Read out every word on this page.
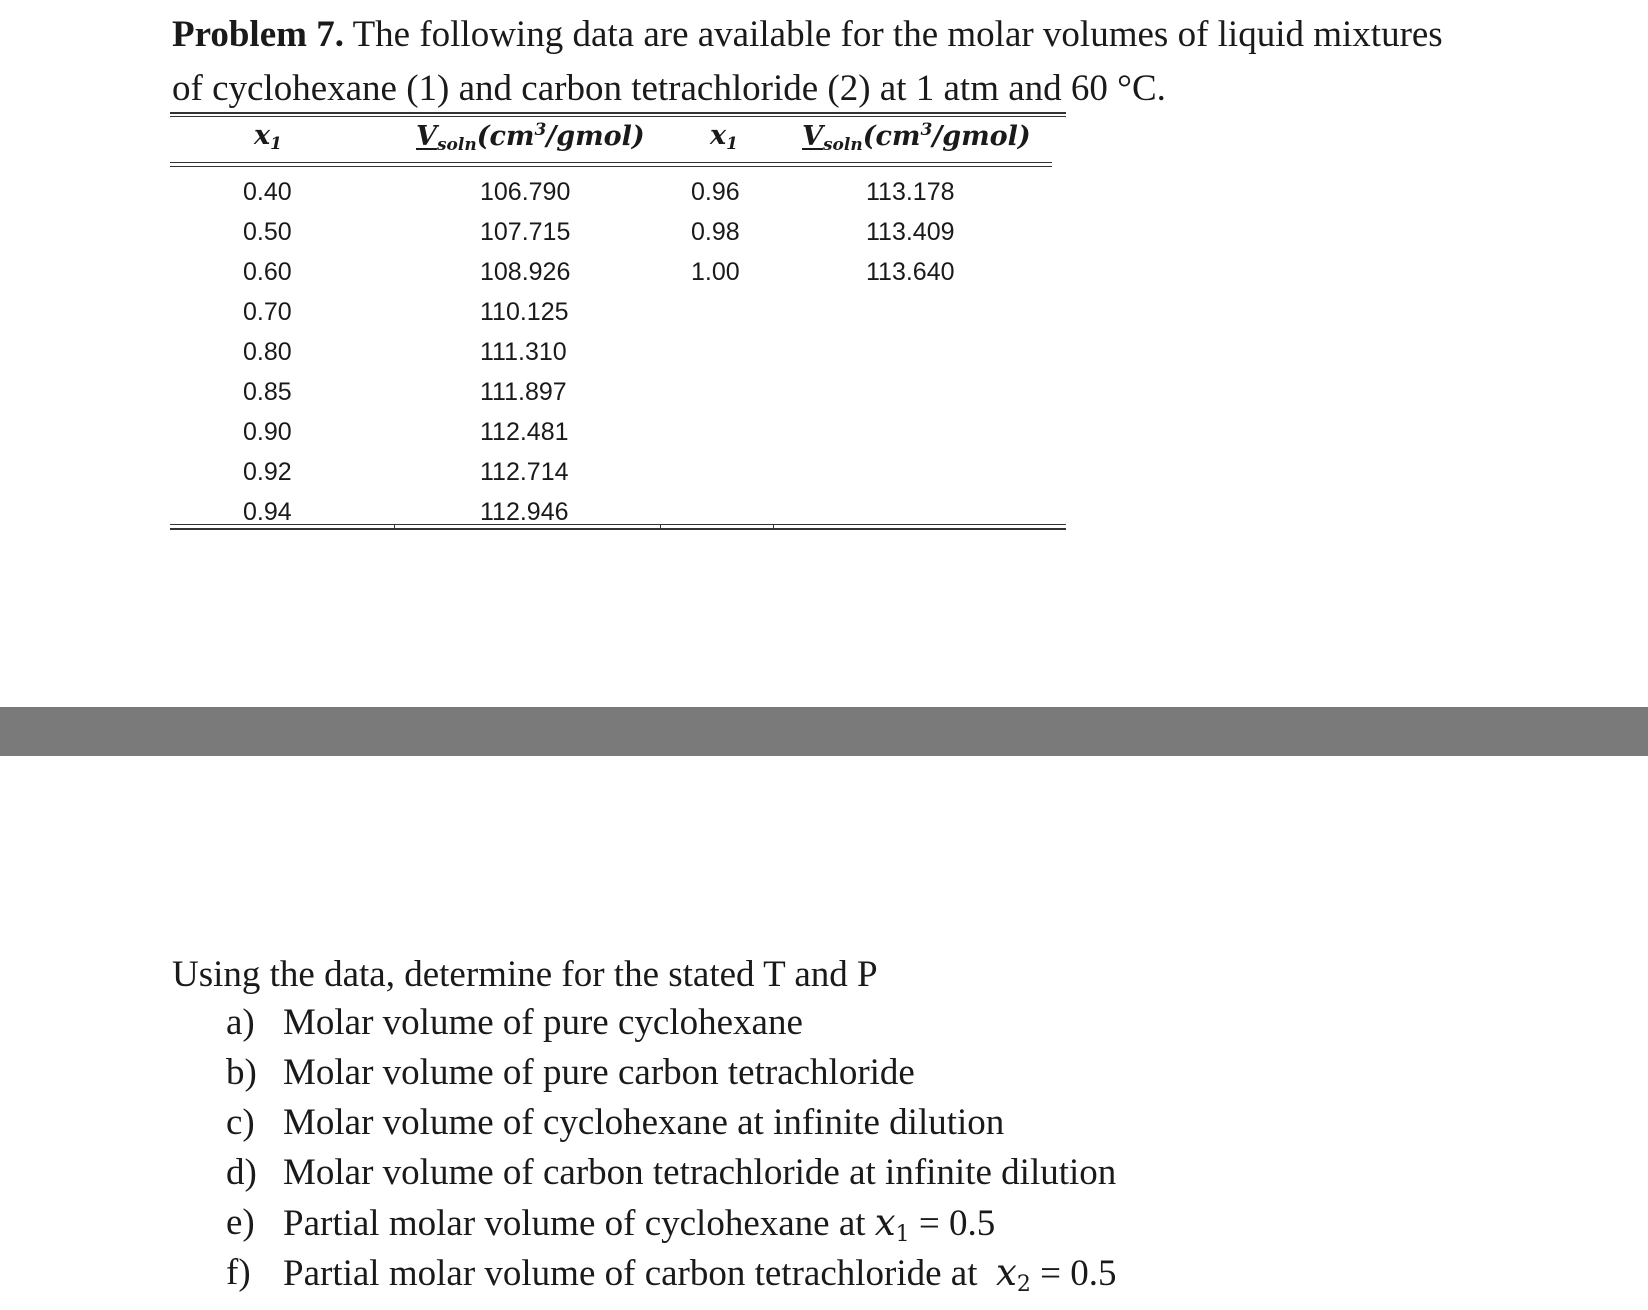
Problem 7. The following data are available for the molar volumes of liquid mixtures
of cyclohexane (1) and carbon tetrachloride (2) at 1 atm and 60 °C.
$x_1$	$V_{soln}(cm^3/gmol)$ $x_1$ $V_{soln}(cm^3/gmol)$
0.40	106.790	0.96	113.178
0.50	107.715	0.98	113.409
0.60	108.926	1.00	113.640
0.70	110.125
0.80	111.310
0.85	111.897
0.90	112.481
0.92	112.714
0.94	112.946
Using the data, determine for the stated T and P
a) Molar volume of pure cyclohexane
b) Molar volume of pure carbon tetrachloride
c) Molar volume of cyclohexane at infinite dilution
d) Molar volume of carbon tetrachloride at infinite dilution
e) Partial molar volume of cyclohexane at $x_1 = 0.5$
f) Partial molar volume of carbon tetrachloride at  $x_2 = 0.5$
